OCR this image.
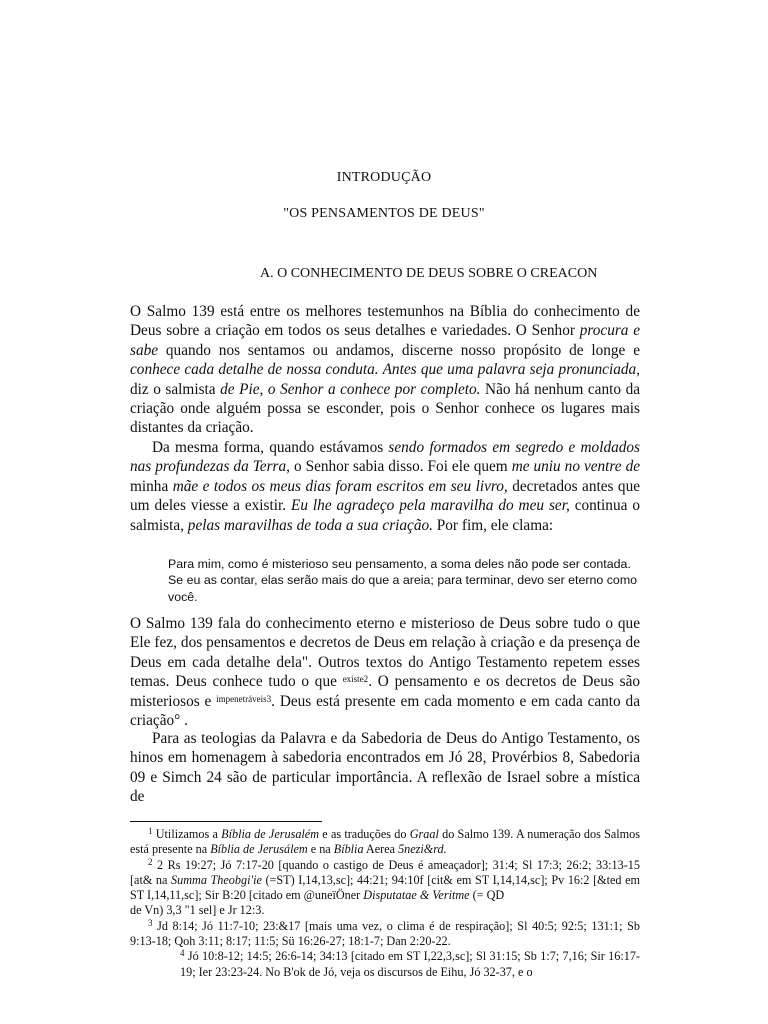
INTRODUÇÃO
"OS PENSAMENTOS DE DEUS"
A. O CONHECIMENTO DE DEUS SOBRE O CREACON

O Salmo 139 está entre os melhores testemunhos na Bíblia do conhecimento de Deus sobre a criação em todos os seus detalhes e variedades. O Senhor procura e sabe quando nos sentamos ou andamos, discerne nosso propósito de longe e conhece cada detalhe de nossa conduta. Antes que uma palavra seja pronunciada, diz o salmista de Pie, o Senhor a conhece por completo. Não há nenhum canto da criação onde alguém possa se esconder, pois o Senhor conhece os lugares mais distantes da criação.

Da mesma forma, quando estávamos sendo formados em segredo e moldados nas profundezas da Terra, o Senhor sabia disso. Foi ele quem me uniu no ventre de minha mãe e todos os meus dias foram escritos em seu livro, decretados antes que um deles viesse a existir. Eu lhe agradeço pela maravilha do meu ser, continua o salmista, pelas maravilhas de toda a sua criação. Por fim, ele clama:

Para mim, como é misterioso seu pensamento, a soma deles não pode ser contada. Se eu as contar, elas serão mais do que a areia; para terminar, devo ser eterno como você.

O Salmo 139 fala do conhecimento eterno e misterioso de Deus sobre tudo o que Ele fez, dos pensamentos e decretos de Deus em relação à criação e da presença de Deus em cada detalhe dela". Outros textos do Antigo Testamento repetem esses temas. Deus conhece tudo o que $^{existe2}$. O pensamento e os decretos de Deus são misteriosos e $^{impenetráveis3}$. Deus está presente em cada momento e em cada canto da criação° .

Para as teologias da Palavra e da Sabedoria de Deus do Antigo Testamento, os hinos em homenagem à sabedoria encontrados em Jó 28, Provérbios 8, Sabedoria 09 e Simch 24 são de particular importância. A reflexão de Israel sobre a mística de

$^1$ Utilizamos a Bíblia de Jerusalém e as traduções do Graal do Salmo 139. A numeração dos Salmos está presente na Bíblia de Jerusálem e na Bíblia Aerea 5nezi&rd.

$^2$ 2 Rs 19:27; Jó 7:17-20 [quando o castigo de Deus é ameaçador]; 31:4; Sl 17:3; 26:2; 33:13-15 [at& na Summa Theobgi'ie (=ST) I,14,13,sc]; 44:21; 94:10f [cit& em ST I,14,14,sc]; Pv 16:2 [&ted em ST I,14,11,sc]; Sir B:20 [citado em @uneïÖner Disputatae & Veritme (= QD

de Vn) 3,3 "1 sel] e Jr 12:3.

$^3$ Jd 8:14; Jó 11:7-10; 23:&17 [mais uma vez, o clima é de respiração]; Sl 40:5; 92:5; 131:1; Sb 9:13-18; Qoh 3:11; 8:17; 11:5; Sü 16:26-27; 18:1-7; Dan 2:20-22.

$^4$ Jó 10:8-12; 14:5; 26:6-14; 34:13 [citado em ST I,22,3,sc]; Sl 31:15; Sb 1:7; 7,16; Sir 16:17-19; Ier 23:23-24. No B'ok de Jó, veja os discursos de Eihu, Jó 32-37, e o
